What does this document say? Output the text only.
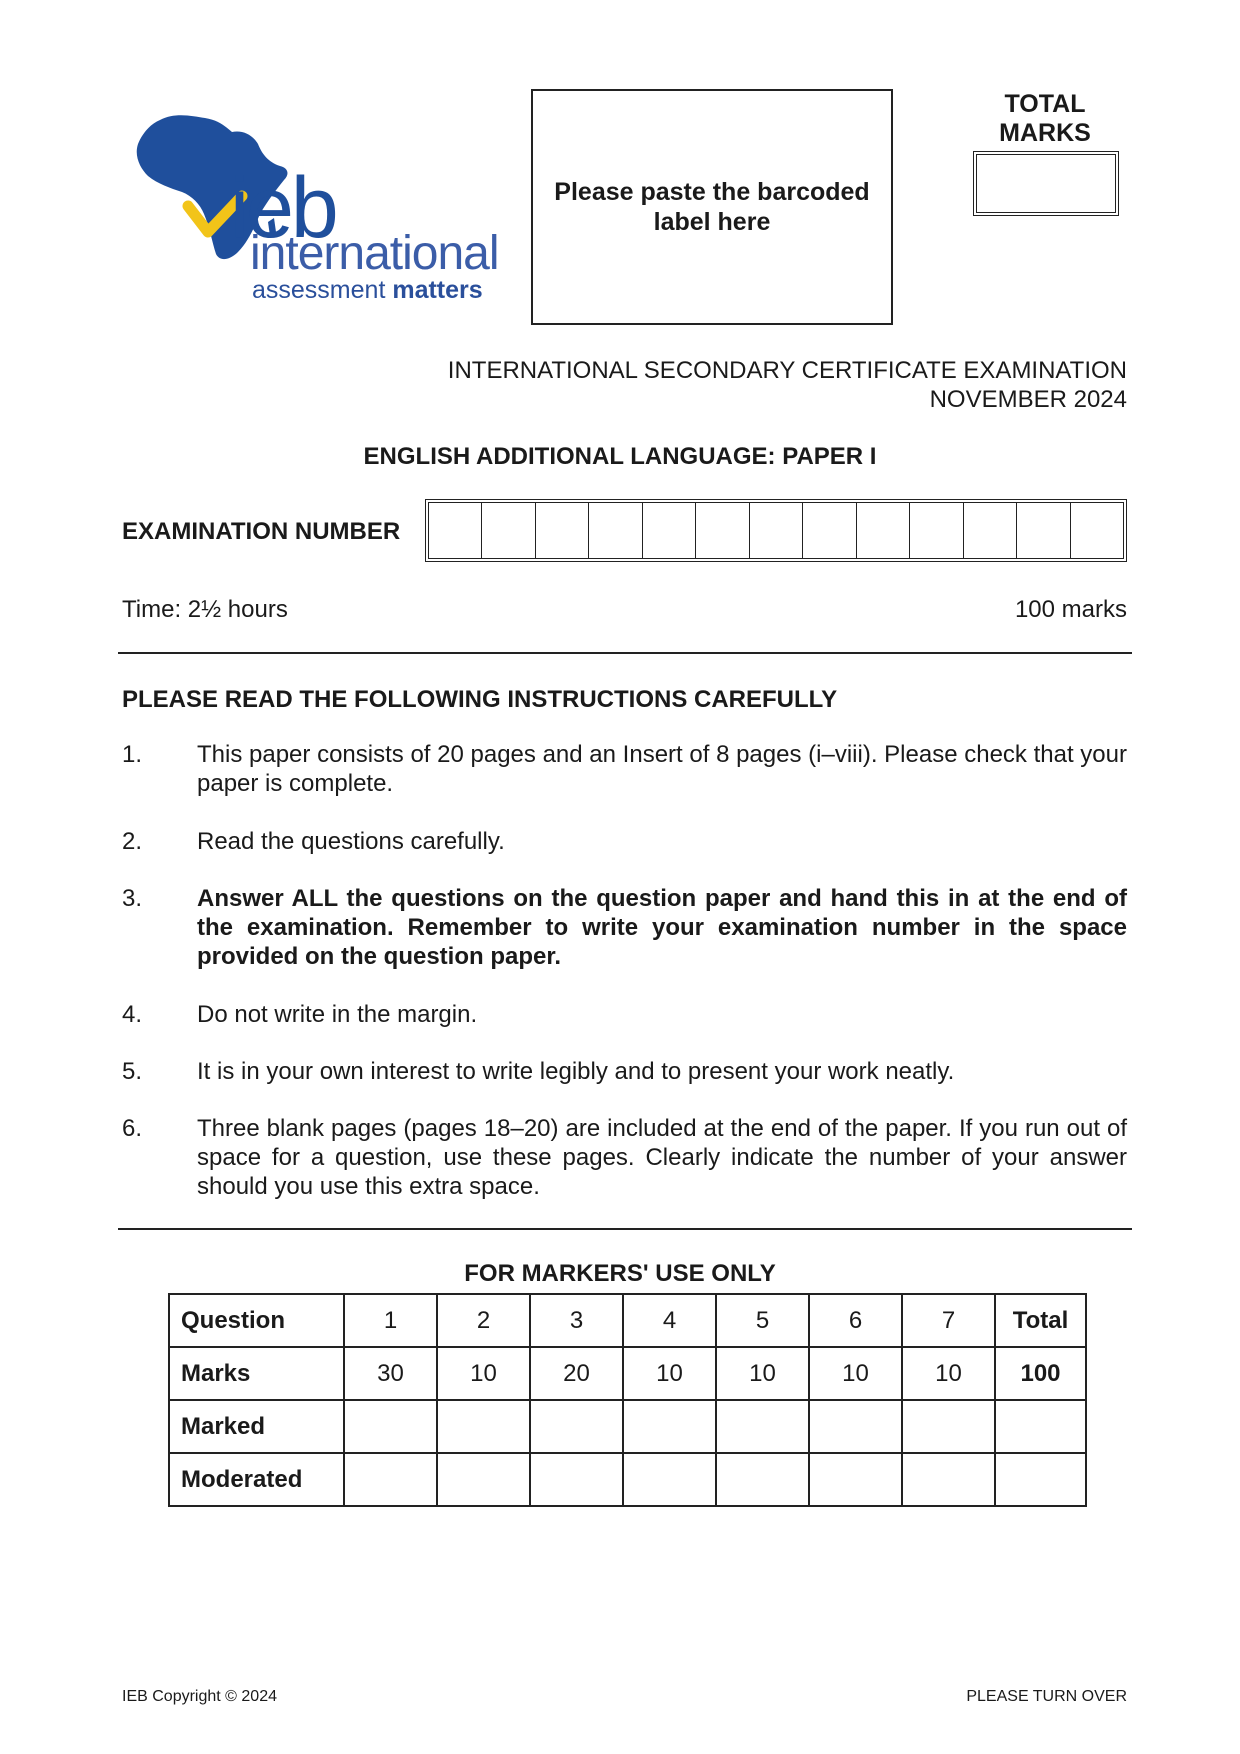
ieb
international
assessment matters
Please paste the barcoded label here
TOTAL
MARKS
INTERNATIONAL SECONDARY CERTIFICATE EXAMINATION
NOVEMBER 2024
ENGLISH ADDITIONAL LANGUAGE: PAPER I
EXAMINATION NUMBER
Time: 2½ hours	100 marks
PLEASE READ THE FOLLOWING INSTRUCTIONS CAREFULLY
1. This paper consists of 20 pages and an Insert of 8 pages (i–viii). Please check that your paper is complete.
2. Read the questions carefully.
3. Answer ALL the questions on the question paper and hand this in at the end of the examination. Remember to write your examination number in the space provided on the question paper.
4. Do not write in the margin.
5. It is in your own interest to write legibly and to present your work neatly.
6. Three blank pages (pages 18–20) are included at the end of the paper. If you run out of space for a question, use these pages. Clearly indicate the number of your answer should you use this extra space.
FOR MARKERS' USE ONLY
Question	1	2	3	4	5	6	7	Total
Marks	30	10	20	10	10	10	10	100
Marked								
Moderated								
IEB Copyright © 2024	PLEASE TURN OVER
